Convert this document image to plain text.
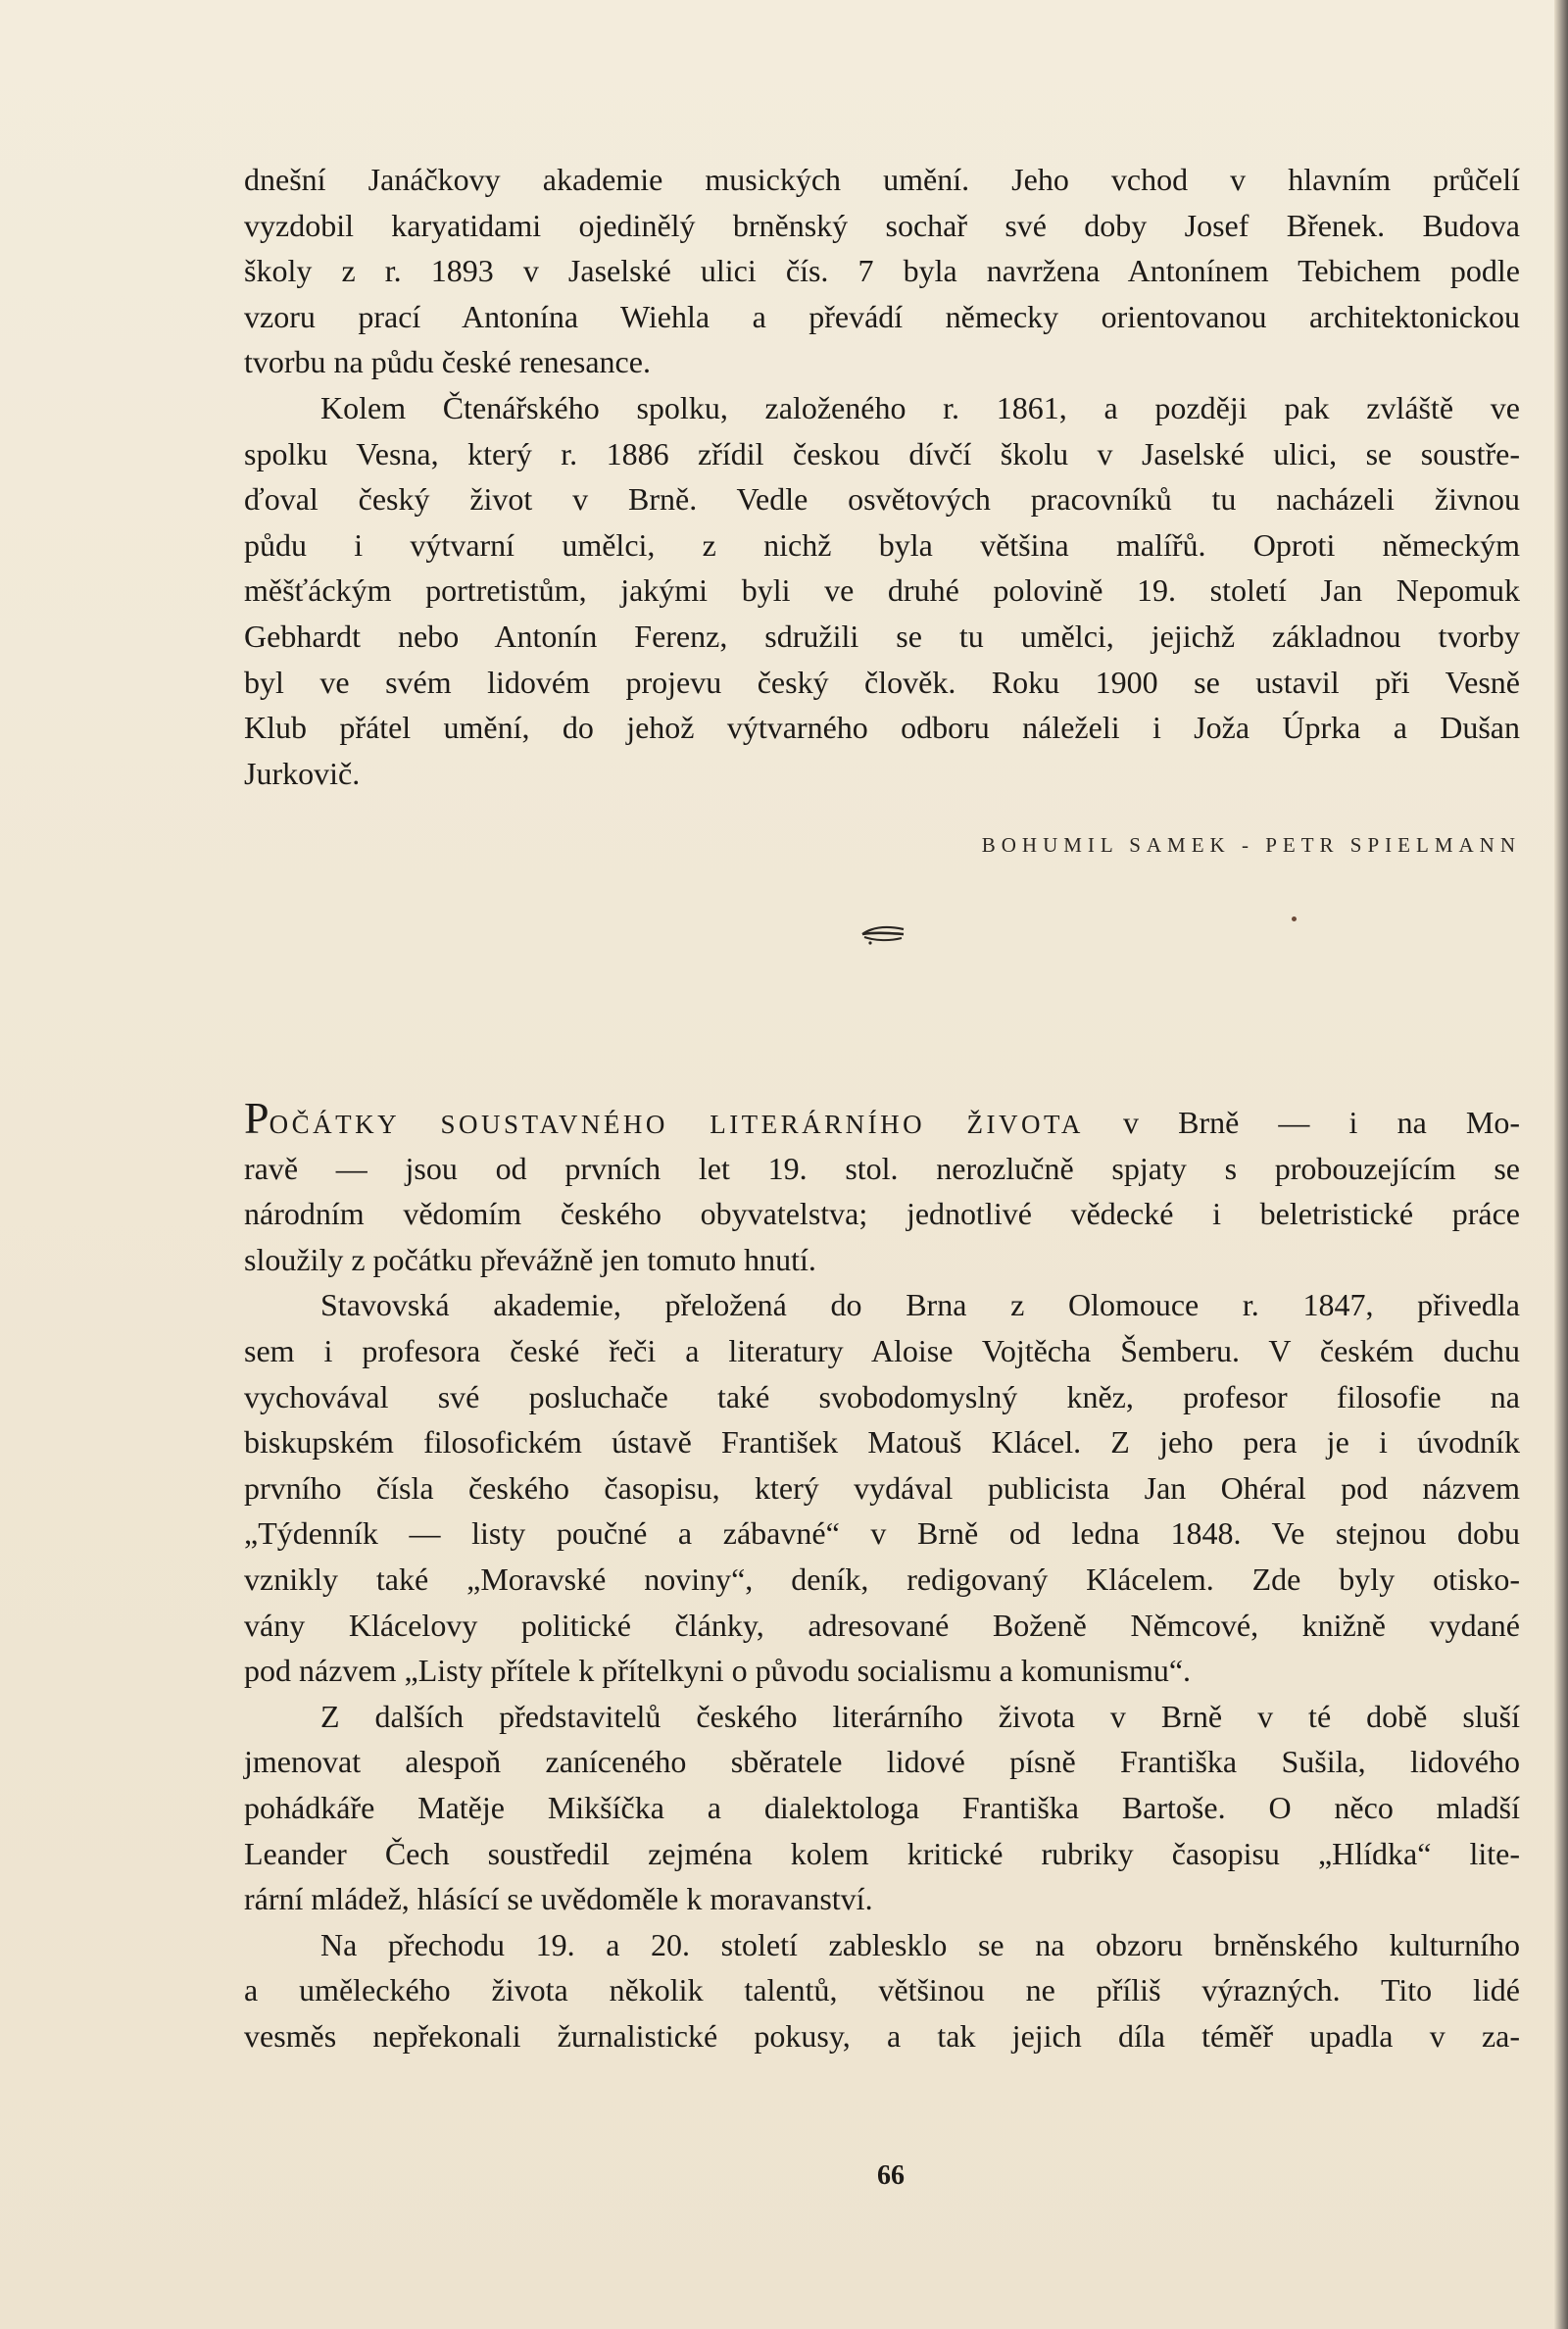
dnešní Janáčkovy akademie musických umění. Jeho vchod v hlavním průčelí
vyzdobil karyatidami ojedinělý brněnský sochař své doby Josef Břenek. Budova
školy z r. 1893 v Jaselské ulici čís. 7 byla navržena Antonínem Tebichem podle
vzoru prací Antonína Wiehla a převádí německy orientovanou architektonickou
tvorbu na půdu české renesance.
Kolem Čtenářského spolku, založeného r. 1861, a později pak zvláště ve
spolku Vesna, který r. 1886 zřídil českou dívčí školu v Jaselské ulici, se soustře-
ďoval český život v Brně. Vedle osvětových pracovníků tu nacházeli živnou
půdu i výtvarní umělci, z nichž byla většina malířů. Oproti německým
měšťáckým portretistům, jakými byli ve druhé polovině 19. století Jan Nepomuk
Gebhardt nebo Antonín Ferenz, sdružili se tu umělci, jejichž základnou tvorby
byl ve svém lidovém projevu český člověk. Roku 1900 se ustavil při Vesně
Klub přátel umění, do jehož výtvarného odboru náleželi i Joža Úprka a Dušan
Jurkovič.
BOHUMIL SAMEK - PETR SPIELMANN
POČÁTKY SOUSTAVNÉHO LITERÁRNÍHO ŽIVOTA v Brně — i na Mo-
ravě — jsou od prvních let 19. stol. nerozlučně spjaty s probouzejícím se
národním vědomím českého obyvatelstva; jednotlivé vědecké i beletristické práce
sloužily z počátku převážně jen tomuto hnutí.
Stavovská akademie, přeložená do Brna z Olomouce r. 1847, přivedla
sem i profesora české řeči a literatury Aloise Vojtěcha Šemberu. V českém duchu
vychovával své posluchače také svobodomyslný kněz, profesor filosofie na
biskupském filosofickém ústavě František Matouš Klácel. Z jeho pera je i úvodník
prvního čísla českého časopisu, který vydával publicista Jan Ohéral pod názvem
„Týdenník — listy poučné a zábavné“ v Brně od ledna 1848. Ve stejnou dobu
vznikly také „Moravské noviny“, deník, redigovaný Klácelem. Zde byly otisko-
vány Klácelovy politické články, adresované Boženě Němcové, knižně vydané
pod názvem „Listy přítele k přítelkyni o původu socialismu a komunismu“.
Z dalších představitelů českého literárního života v Brně v té době sluší
jmenovat alespoň zaníceného sběratele lidové písně Františka Sušila, lidového
pohádkáře Matěje Mikšíčka a dialektologa Františka Bartoše. O něco mladší
Leander Čech soustředil zejména kolem kritické rubriky časopisu „Hlídka“ lite-
rární mládež, hlásící se uvědoměle k moravanství.
Na přechodu 19. a 20. století zablesklo se na obzoru brněnského kulturního
a uměleckého života několik talentů, většinou ne příliš výrazných. Tito lidé
vesměs nepřekonali žurnalistické pokusy, a tak jejich díla téměř upadla v za-
66
